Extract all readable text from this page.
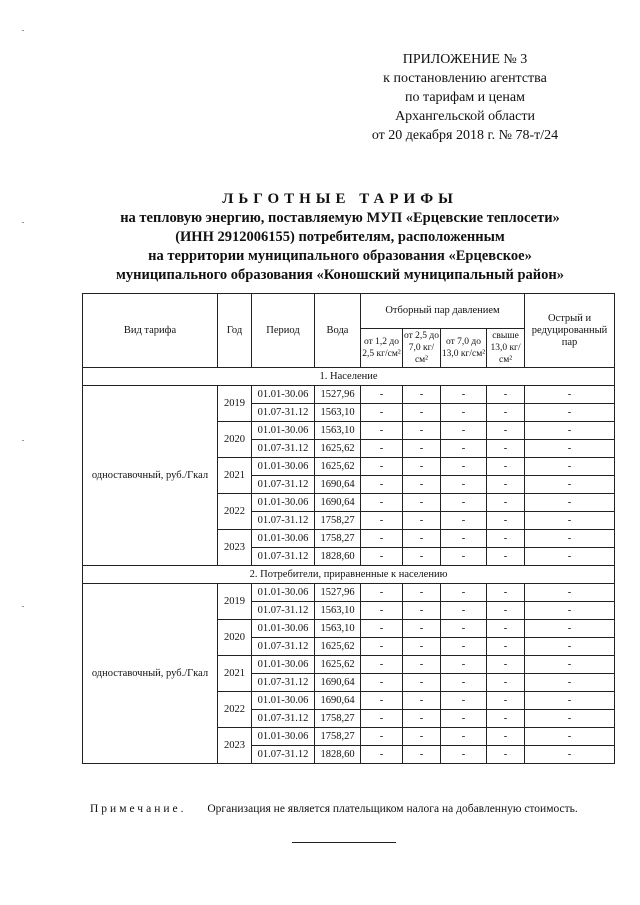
ПРИЛОЖЕНИЕ № 3
к постановлению агентства
по тарифам и ценам
Архангельской области
от 20 декабря 2018 г. № 78-т/24
ЛЬГОТНЫЕ ТАРИФЫ
на тепловую энергию, поставляемую МУП «Ерцевские теплосети»
(ИНН 2912006155) потребителям, расположенным
на территории муниципального образования «Ерцевское»
муниципального образования «Коношский муниципальный район»
Вид тарифа	Год	Период	Вода	Отборный пар давлением				Острый и редуцированный пар
				от 1,2 до 2,5 кг/см²	от 2,5 до 7,0 кг/см²	от 7,0 до 13,0 кг/см²	свыше 13,0 кг/см²	
1. Население								
одноставочный, руб./Гкал	2019	01.01-30.06	1527,96	-	-	-	-	-
		01.07-31.12	1563,10	-	-	-	-	-
	2020	01.01-30.06	1563,10	-	-	-	-	-
		01.07-31.12	1625,62	-	-	-	-	-
	2021	01.01-30.06	1625,62	-	-	-	-	-
		01.07-31.12	1690,64	-	-	-	-	-
	2022	01.01-30.06	1690,64	-	-	-	-	-
		01.07-31.12	1758,27	-	-	-	-	-
	2023	01.01-30.06	1758,27	-	-	-	-	-
		01.07-31.12	1828,60	-	-	-	-	-
2. Потребители, приравненные к населению								
одноставочный, руб./Гкал	2019	01.01-30.06	1527,96	-	-	-	-	-
		01.07-31.12	1563,10	-	-	-	-	-
	2020	01.01-30.06	1563,10	-	-	-	-	-
		01.07-31.12	1625,62	-	-	-	-	-
	2021	01.01-30.06	1625,62	-	-	-	-	-
		01.07-31.12	1690,64	-	-	-	-	-
	2022	01.01-30.06	1690,64	-	-	-	-	-
		01.07-31.12	1758,27	-	-	-	-	-
	2023	01.01-30.06	1758,27	-	-	-	-	-
		01.07-31.12	1828,60	-	-	-	-	-
Примечание. Организация не является плательщиком налога на добавленную стоимость.
